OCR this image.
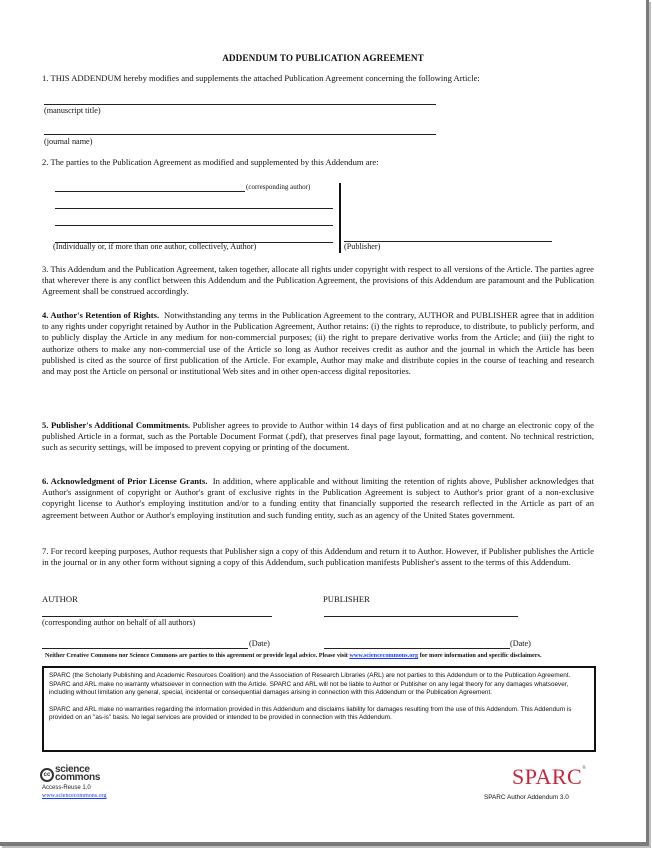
ADDENDUM TO PUBLICATION AGREEMENT
1. THIS ADDENDUM hereby modifies and supplements the attached Publication Agreement concerning the following Article:
(manuscript title)
(journal name)
2. The parties to the Publication Agreement as modified and supplemented by this Addendum are:
(corresponding author)
(Individually or, if more than one author, collectively, Author)	(Publisher)
3. This Addendum and the Publication Agreement, taken together, allocate all rights under copyright with respect to all versions of the Article. The parties agree that wherever there is any conflict between this Addendum and the Publication Agreement, the provisions of this Addendum are paramount and the Publication Agreement shall be construed accordingly.
4. Author's Retention of Rights. Notwithstanding any terms in the Publication Agreement to the contrary, AUTHOR and PUBLISHER agree that in addition to any rights under copyright retained by Author in the Publication Agreement, Author retains: (i) the rights to reproduce, to distribute, to publicly perform, and to publicly display the Article in any medium for non-commercial purposes; (ii) the right to prepare derivative works from the Article; and (iii) the right to authorize others to make any non-commercial use of the Article so long as Author receives credit as author and the journal in which the Article has been published is cited as the source of first publication of the Article. For example, Author may make and distribute copies in the course of teaching and research and may post the Article on personal or institutional Web sites and in other open-access digital repositories.
5. Publisher's Additional Commitments. Publisher agrees to provide to Author within 14 days of first publication and at no charge an electronic copy of the published Article in a format, such as the Portable Document Format (.pdf), that preserves final page layout, formatting, and content. No technical restriction, such as security settings, will be imposed to prevent copying or printing of the document.
6. Acknowledgment of Prior License Grants. In addition, where applicable and without limiting the retention of rights above, Publisher acknowledges that Author's assignment of copyright or Author's grant of exclusive rights in the Publication Agreement is subject to Author's prior grant of a non-exclusive copyright license to Author's employing institution and/or to a funding entity that financially supported the research reflected in the Article as part of an agreement between Author or Author's employing institution and such funding entity, such as an agency of the United States government.
7. For record keeping purposes, Author requests that Publisher sign a copy of this Addendum and return it to Author. However, if Publisher publishes the Article in the journal or in any other form without signing a copy of this Addendum, such publication manifests Publisher's assent to the terms of this Addendum.
AUTHOR	PUBLISHER
(corresponding author on behalf of all authors)
(Date)	(Date)
Neither Creative Commons nor Science Commons are parties to this agreement or provide legal advice. Please visit www.sciencecommons.org for more information and specific disclaimers.

SPARC (the Scholarly Publishing and Academic Resources Coalition) and the Association of Research Libraries (ARL) are not parties to this Addendum or to the Publication Agreement. SPARC and ARL make no warranty whatsoever in connection with the Article. SPARC and ARL will not be liable to Author or Publisher on any legal theory for any damages whatsoever, including without limitation any general, special, incidental or consequential damages arising in connection with this Addendum or the Publication Agreement.

SPARC and ARL make no warranties regarding the information provided in this Addendum and disclaims liability for damages resulting from the use of this Addendum. This Addendum is provided on an "as-is" basis. No legal services are provided or intended to be provided in connection with this Addendum.

cc science
commons
Access-Reuse 1.0
www.sciencecommons.org
SPARC®
SPARC Author Addendum 3.0
